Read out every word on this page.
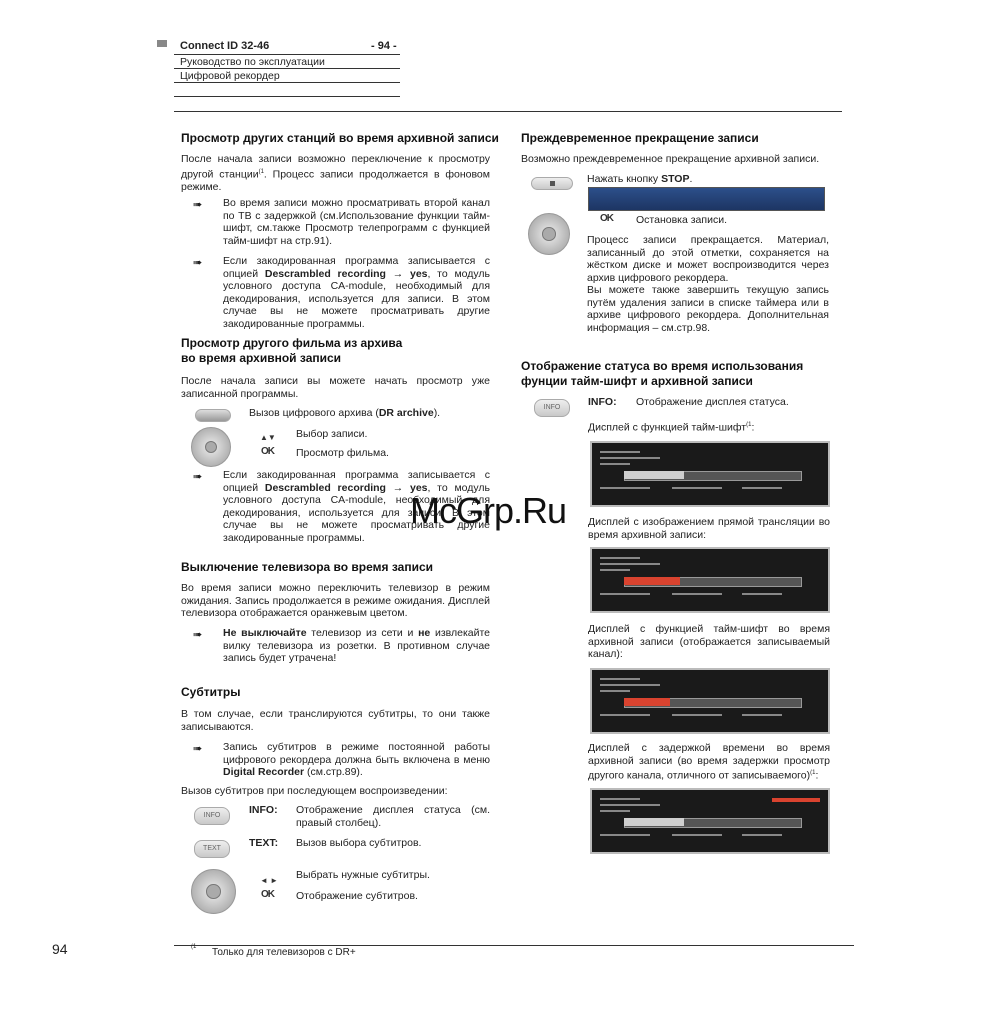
Connect ID 32-46	- 94 -
Руководство по эксплуатации
Цифровой рекордер
Просмотр других станций во время архивной записи

После начала записи возможно переключение к просмотру другой станции$^{(1}$. Процесс записи продолжается в фоновом режиме.

➠ Во время записи можно просматривать второй канал по ТВ с задержкой (см.Использование функции тайм-шифт, см.также Просмотр телепрограмм с функцией тайм-шифт на стр.91).

➠ Если закодированная программа записывается с опцией Descrambled recording → yes, то модуль условного доступа CA-module, необходимый для декодирования, используется для записи. В этом случае вы не можете просматривать другие закодированные программы.

Просмотр другого фильма из архива
во время архивной записи

После начала записи вы можете начать просмотр уже записанной программы.

Вызов цифрового архива (DR archive).

▲▼ Выбор записи.

OK Просмотр фильма.

➠ Если закодированная программа записывается с опцией Descrambled recording → yes, то модуль условного доступа CA-module, необходимый для декодирования, используется для записи. В этом случае вы не можете просматривать другие закодированные программы.

Выключение телевизора во время записи

Во время записи можно переключить телевизор в режим ожидания. Запись продолжается в режиме ожидания. Дисплей телевизора отображается оранжевым цветом.

➠ Не выключайте телевизор из сети и не извлекайте вилку телевизора из розетки. В противном случае запись будет утрачена!

Субтитры

В том случае, если транслируются субтитры, то они также записываются.

➠ Запись субтитров в режиме постоянной работы цифрового рекордера должна быть включена в меню Digital Recorder (см.стр.89).

Вызов субтитров при последующем воспроизведении:

INFO	INFO: Отображение дисплея статуса (см. правый столбец).

TEXT	TEXT: Вызов выбора субтитров.

◄ ► Выбрать нужные субтитры.

OK Отображение субтитров.

Преждевременное прекращение записи

Возможно преждевременное прекращение архивной записи.

Нажать кнопку STOP.

OK Остановка записи.

Процесс записи прекращается. Материал, записанный до этой отметки, сохраняется на жёстком диске и может воспроизводится через архив цифрового рекордера.

Вы можете также завершить текущую запись путём удаления записи в списке таймера или в архиве цифрового рекордера. Дополнительная информация – см.стр.98.

Отображение статуса во время использования
фунции тайм-шифт и архивной записи
INFO	INFO: Отображение дисплея статуса.

Дисплей с функцией тайм-шифт$^{(1}$:

Дисплей с изображением прямой трансляции во время архивной записи:

Дисплей с функцией тайм-шифт во время архивной записи (отображается записываемый канал):

Дисплей с задержкой времени во время архивной записи (во время задержки просмотр другого канала, отличного от записываемого)$^{(1}$:

McGrp.Ru
94	(1 Только для телевизоров с DR+
